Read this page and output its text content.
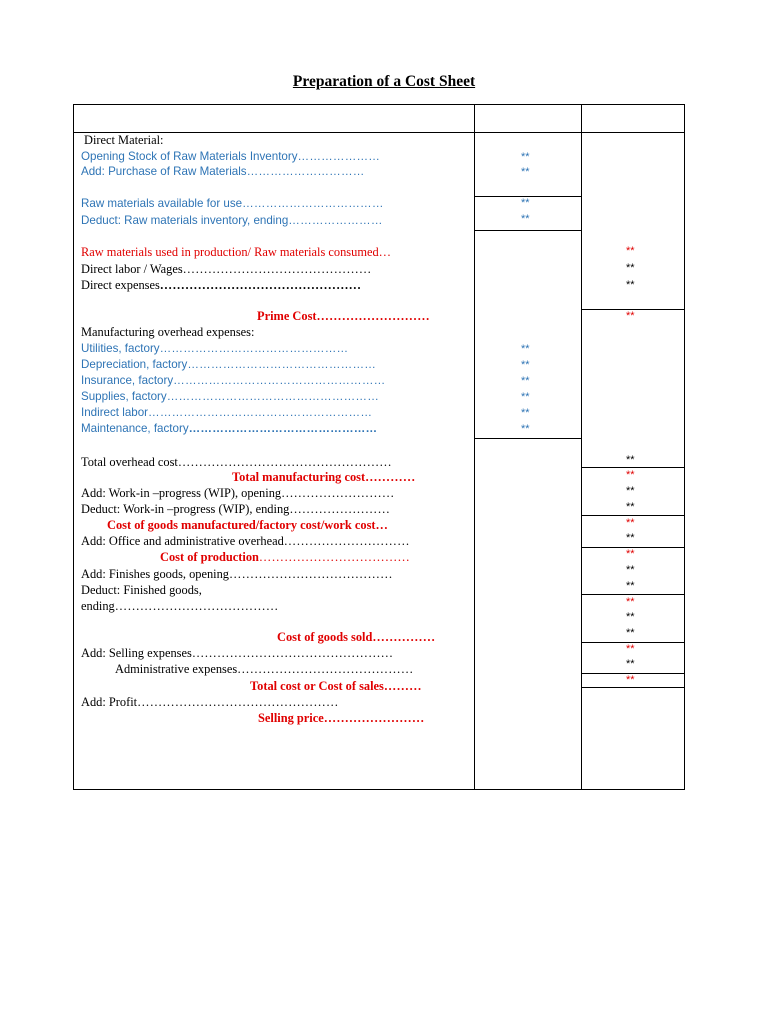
Preparation of a Cost Sheet
Direct Material:
Opening Stock of Raw Materials Inventory…………………
Add: Purchase of Raw Materials…………………………
Raw materials available for use………………………………
Deduct: Raw materials inventory, ending……………………
Raw materials used in production/ Raw materials consumed…
Direct labor / Wages………………………………………
Direct expenses…………………………………………
Prime Cost………………………
Manufacturing overhead expenses:
Utilities, factory…………………………………………
Depreciation, factory…………………………………………
Insurance, factory………………………………………………
Supplies, factory………………………………………………
Indirect labor…………………………………………………
Maintenance, factory…………………………………………
Total overhead cost……………………………………………
Total manufacturing cost…………
Add: Work-in –progress (WIP), opening………………………
Deduct: Work-in –progress (WIP), ending……………………
Cost of goods manufactured/factory cost/work cost…
Add: Office and administrative overhead…………………………
Cost of production………………………………
Add: Finishes goods, opening…………………………………
Deduct: Finished goods,
ending…………………………………
Cost of goods sold……………
Add: Selling expenses…………………………………………
Administrative expenses……………………………………
Total cost or Cost of sales………
Add: Profit…………………………………………
Selling price……………………
**
**
**
**
**
**
**
**
**
**
**
**
**
**
**
**
**
**
**
**
**
**
**
**
**
**
**
**
**
